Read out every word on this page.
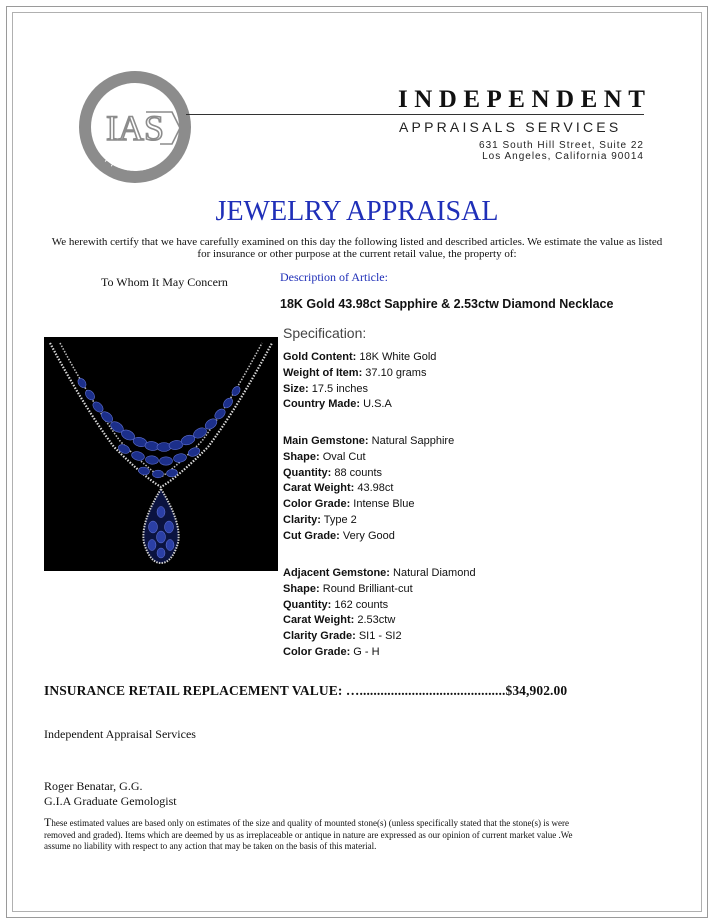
IAS
Appraisal
INDEPENDENT
APPRAISALS SERVICES
631 South Hill Street, Suite 22
Los Angeles, California 90014
JEWELRY APPRAISAL
We herewith certify that we have carefully examined on this day the following listed and described articles. We estimate the value as listed for insurance or other purpose at the current retail value, the property of:
To Whom It May Concern	Description of Article:
18K Gold 43.98ct Sapphire & 2.53ctw Diamond Necklace
Specification:
Gold Content: 18K White Gold
Weight of Item: 37.10 grams
Size: 17.5 inches
Country Made: U.S.A
Main Gemstone: Natural Sapphire
Shape: Oval Cut
Quantity: 88 counts
Carat Weight: 43.98ct
Color Grade: Intense Blue
Clarity: Type 2
Cut Grade: Very Good
Adjacent Gemstone: Natural Diamond
Shape: Round Brilliant-cut
Quantity: 162 counts
Carat Weight: 2.53ctw
Clarity Grade: SI1 - SI2
Color Grade: G - H
INSURANCE RETAIL REPLACEMENT VALUE: …..........................................$34,902.00
Independent Appraisal Services
Roger Benatar, G.G.
G.I.A Graduate Gemologist
These estimated values are based only on estimates of the size and quality of mounted stone(s) (unless specifically stated that the stone(s) is were removed and graded). Items which are deemed by us as irreplaceable or antique in nature are expressed as our opinion of current market value .We assume no liability with respect to any action that may be taken on the basis of this material.
